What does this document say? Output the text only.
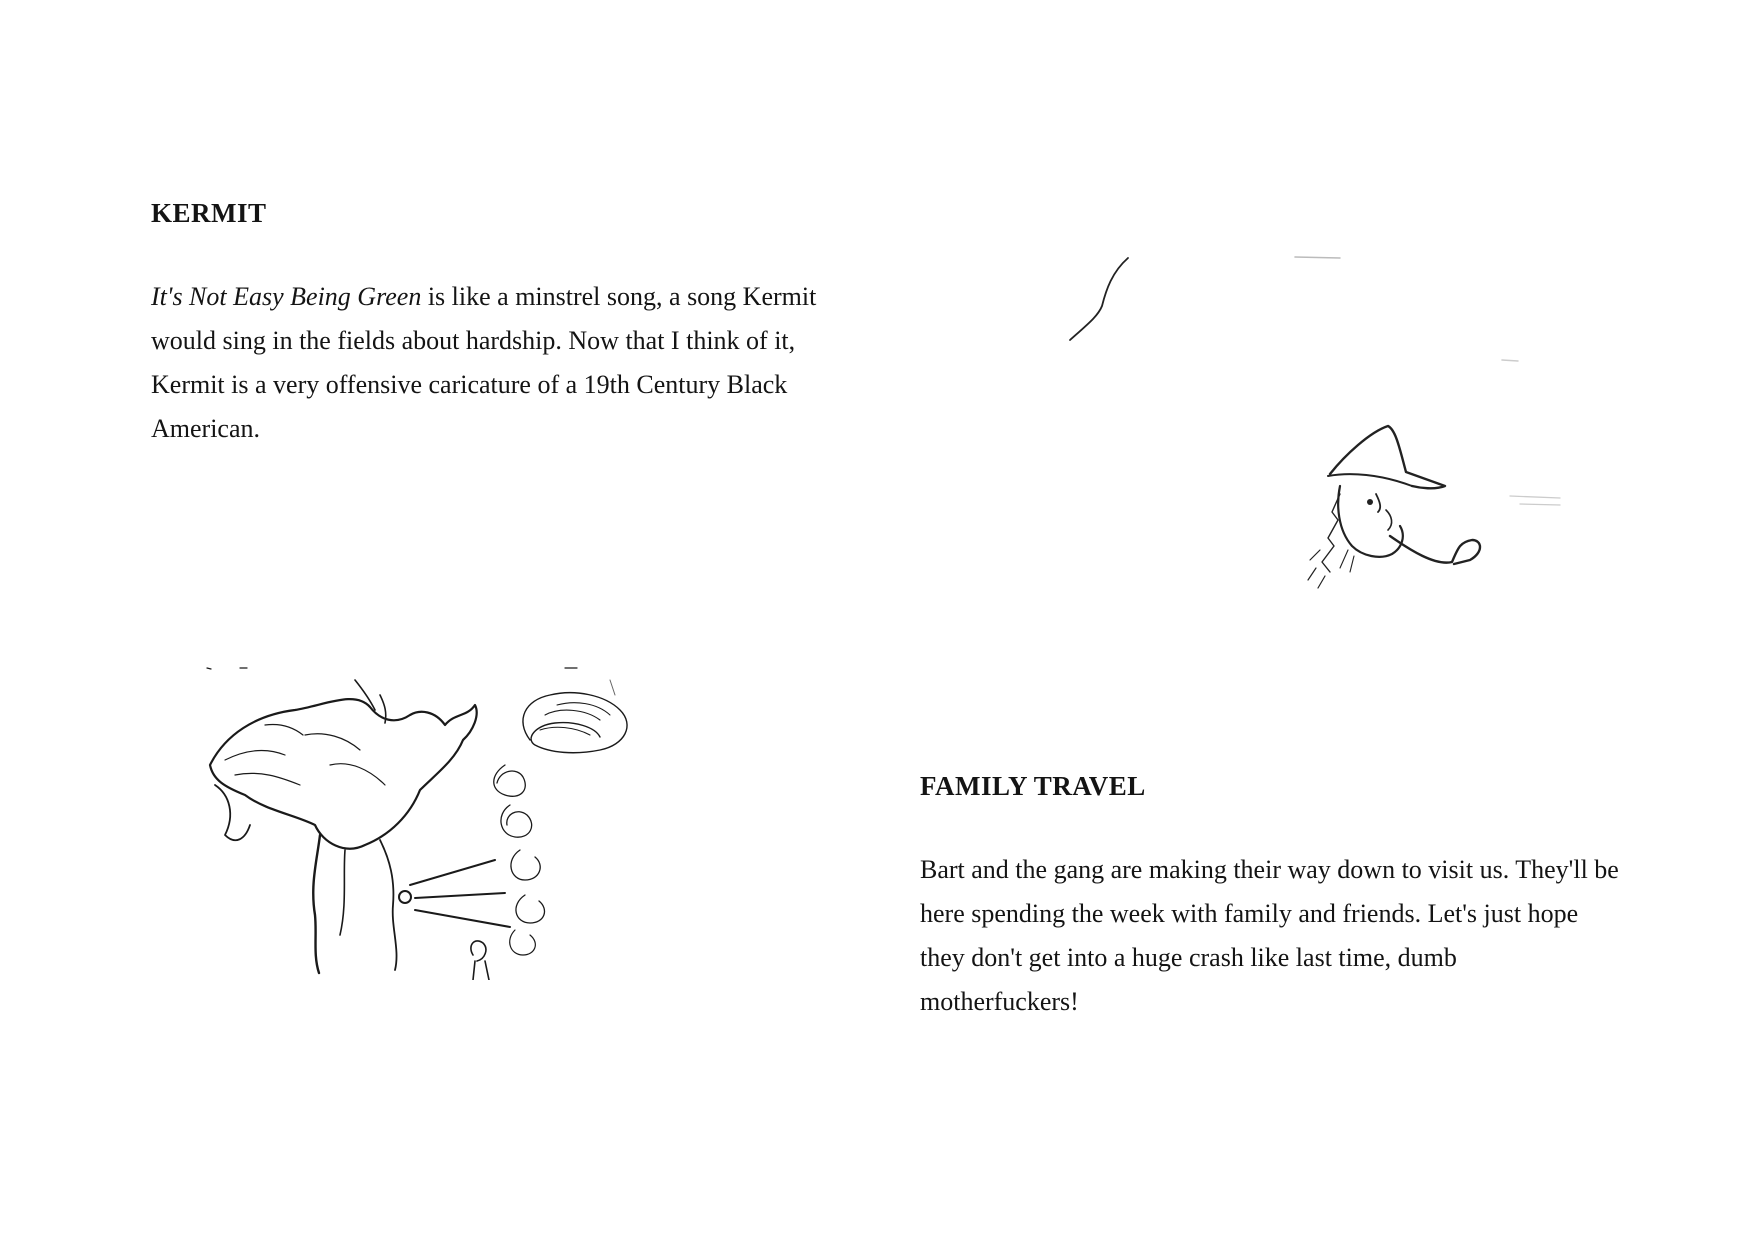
KERMIT

It's Not Easy Being Green is like a minstrel song, a song Kermit would sing in the fields about hardship. Now that I think of it, Kermit is a very offensive caricature of a 19th Century Black American.

FAMILY TRAVEL

Bart and the gang are making their way down to visit us. They'll be here spending the week with family and friends. Let's just hope they don't get into a huge crash like last time, dumb motherfuckers!
